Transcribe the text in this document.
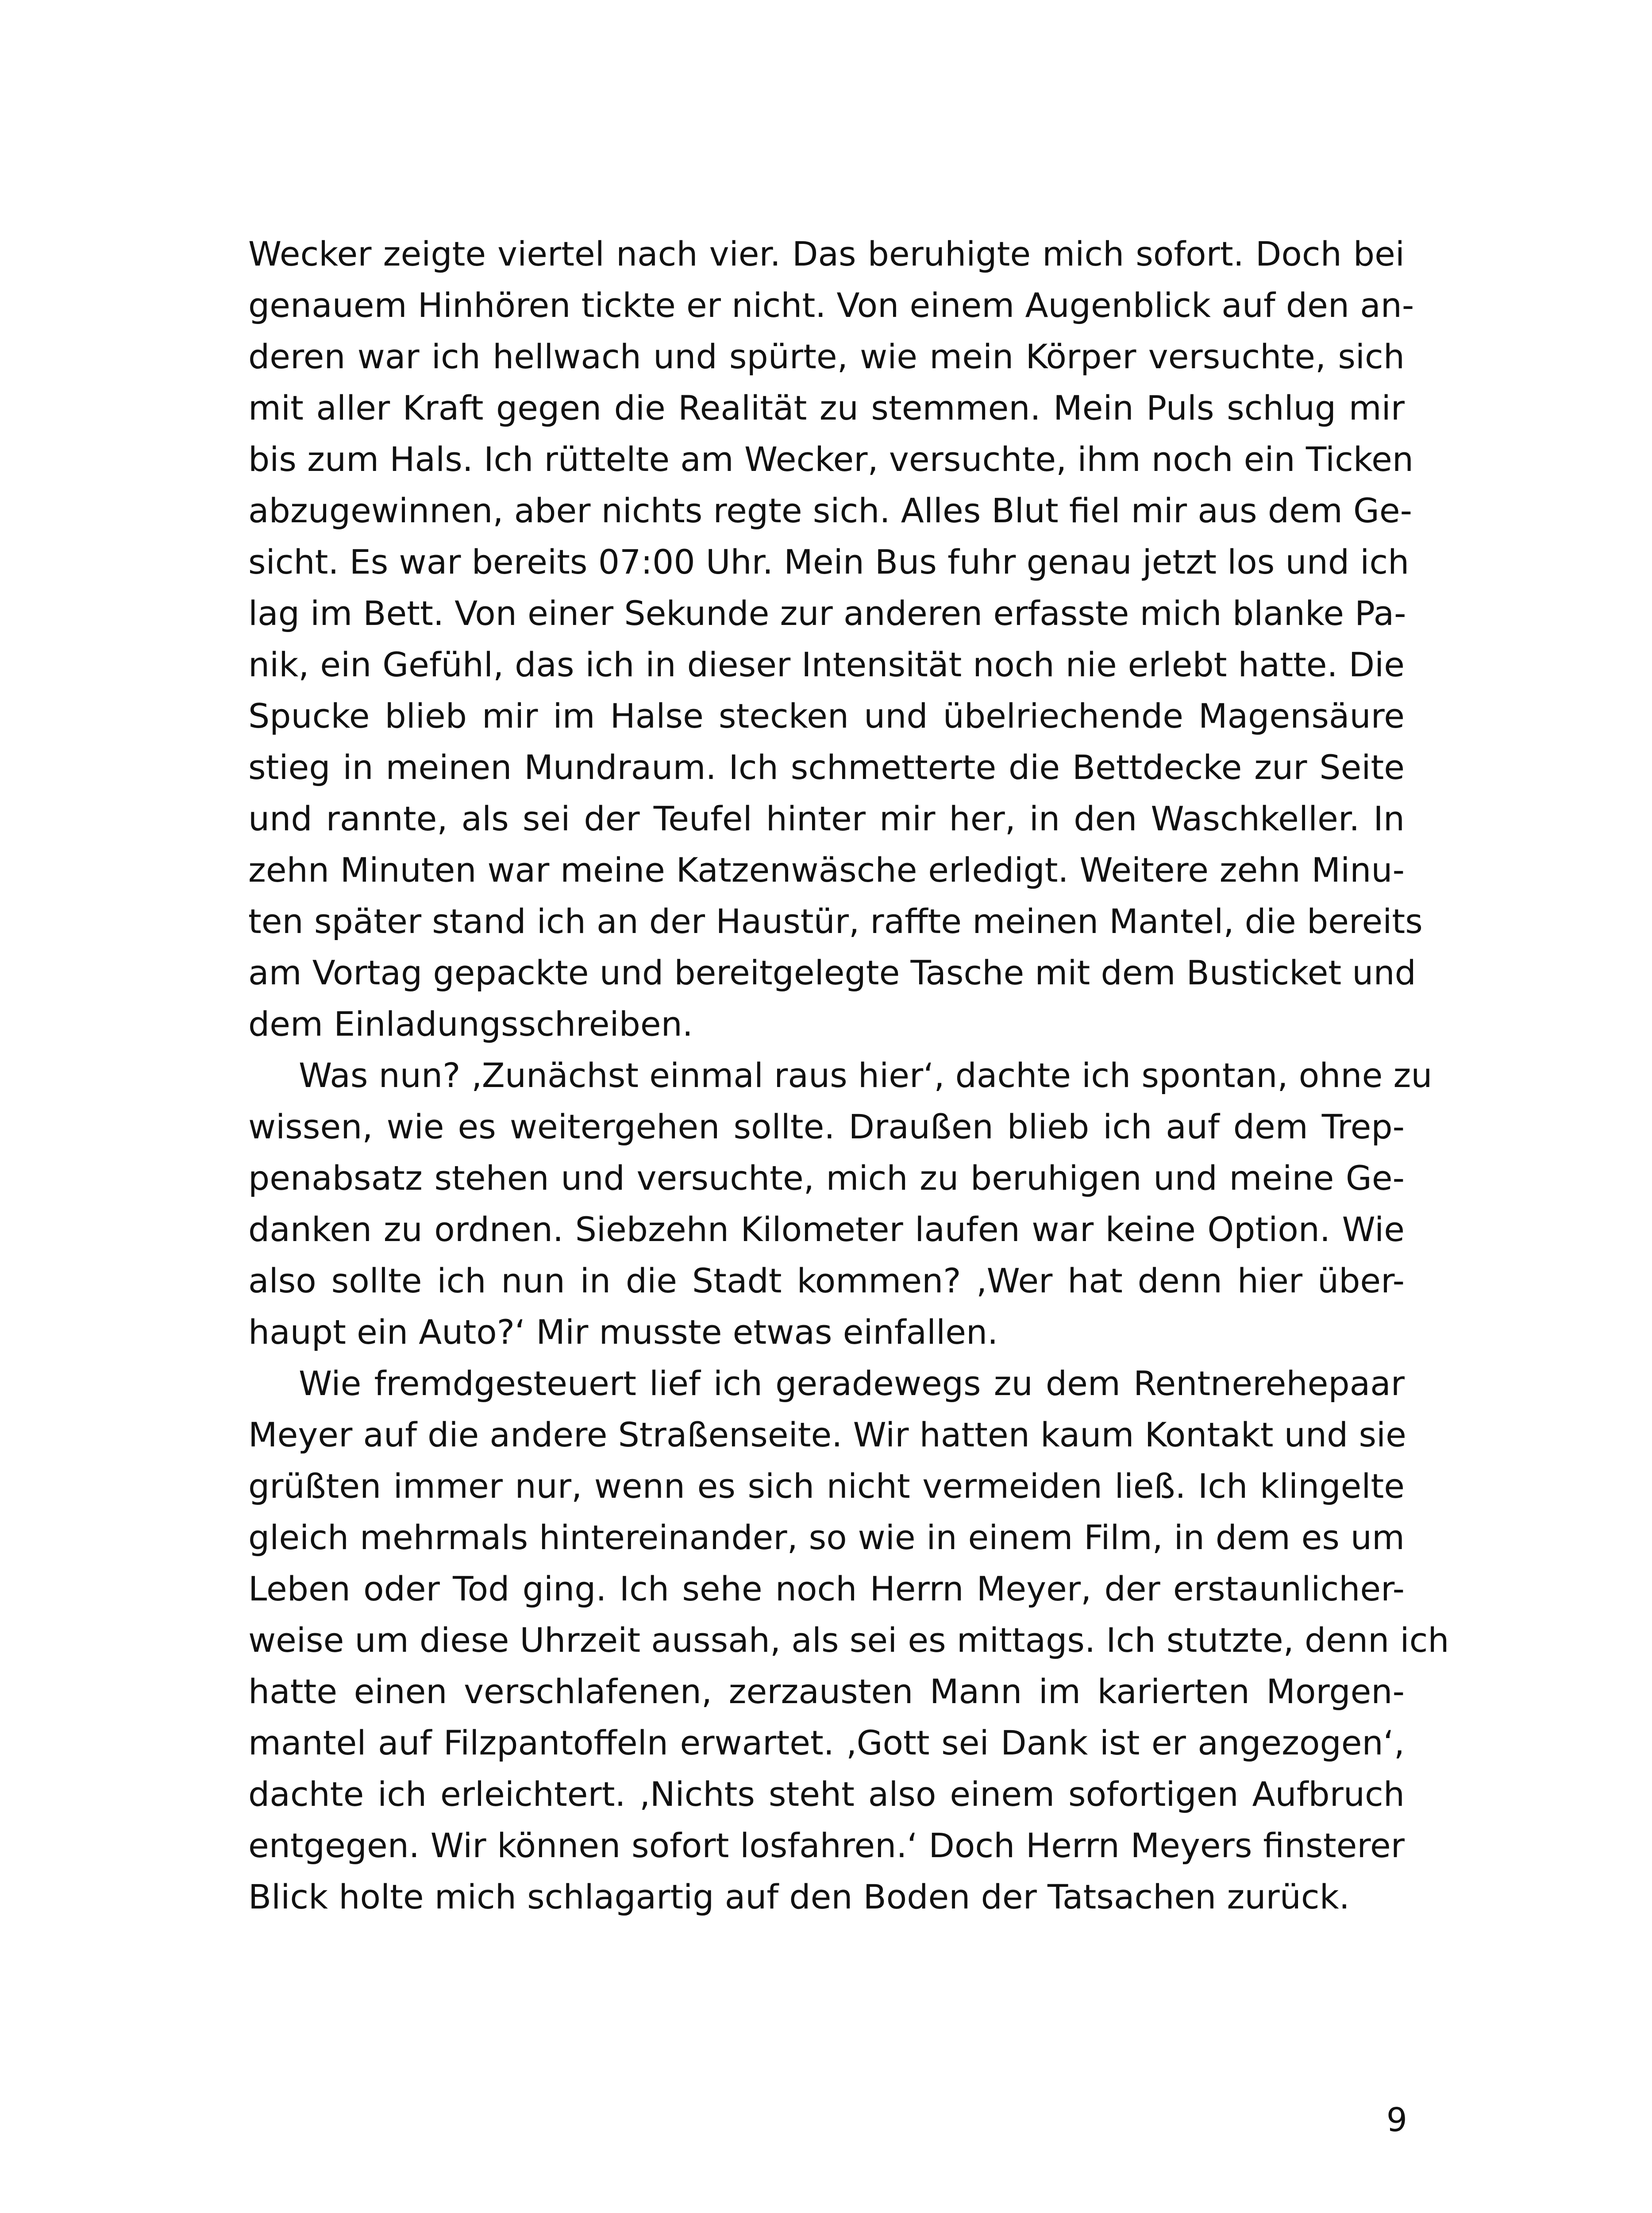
Wecker zeigte viertel nach vier. Das beruhigte mich sofort. Doch bei
genauem Hinhören tickte er nicht. Von einem Augenblick auf den an-
deren war ich hellwach und spürte, wie mein Körper versuchte, sich
mit aller Kraft gegen die Realität zu stemmen. Mein Puls schlug mir
bis zum Hals. Ich rüttelte am Wecker, versuchte, ihm noch ein Ticken
abzugewinnen, aber nichts regte sich. Alles Blut fiel mir aus dem Ge-
sicht. Es war bereits 07:00 Uhr. Mein Bus fuhr genau jetzt los und ich
lag im Bett. Von einer Sekunde zur anderen erfasste mich blanke Pa-
nik, ein Gefühl, das ich in dieser Intensität noch nie erlebt hatte. Die
Spucke blieb mir im Halse stecken und übelriechende Magensäure
stieg in meinen Mundraum. Ich schmetterte die Bettdecke zur Seite
und rannte, als sei der Teufel hinter mir her, in den Waschkeller. In
zehn Minuten war meine Katzenwäsche erledigt. Weitere zehn Minu-
ten später stand ich an der Haustür, raffte meinen Mantel, die bereits
am Vortag gepackte und bereitgelegte Tasche mit dem Busticket und
dem Einladungsschreiben.
Was nun? ‚Zunächst einmal raus hier‘, dachte ich spontan, ohne zu
wissen, wie es weitergehen sollte. Draußen blieb ich auf dem Trep-
penabsatz stehen und versuchte, mich zu beruhigen und meine Ge-
danken zu ordnen. Siebzehn Kilometer laufen war keine Option. Wie
also sollte ich nun in die Stadt kommen? ‚Wer hat denn hier über-
haupt ein Auto?‘ Mir musste etwas einfallen.
Wie fremdgesteuert lief ich geradewegs zu dem Rentnerehepaar
Meyer auf die andere Straßenseite. Wir hatten kaum Kontakt und sie
grüßten immer nur, wenn es sich nicht vermeiden ließ. Ich klingelte
gleich mehrmals hintereinander, so wie in einem Film, in dem es um
Leben oder Tod ging. Ich sehe noch Herrn Meyer, der erstaunlicher-
weise um diese Uhrzeit aussah, als sei es mittags. Ich stutzte, denn ich
hatte einen verschlafenen, zerzausten Mann im karierten Morgen-
mantel auf Filzpantoffeln erwartet. ‚Gott sei Dank ist er angezogen‘,
dachte ich erleichtert. ‚Nichts steht also einem sofortigen Aufbruch
entgegen. Wir können sofort losfahren.‘ Doch Herrn Meyers finsterer
Blick holte mich schlagartig auf den Boden der Tatsachen zurück.
9
